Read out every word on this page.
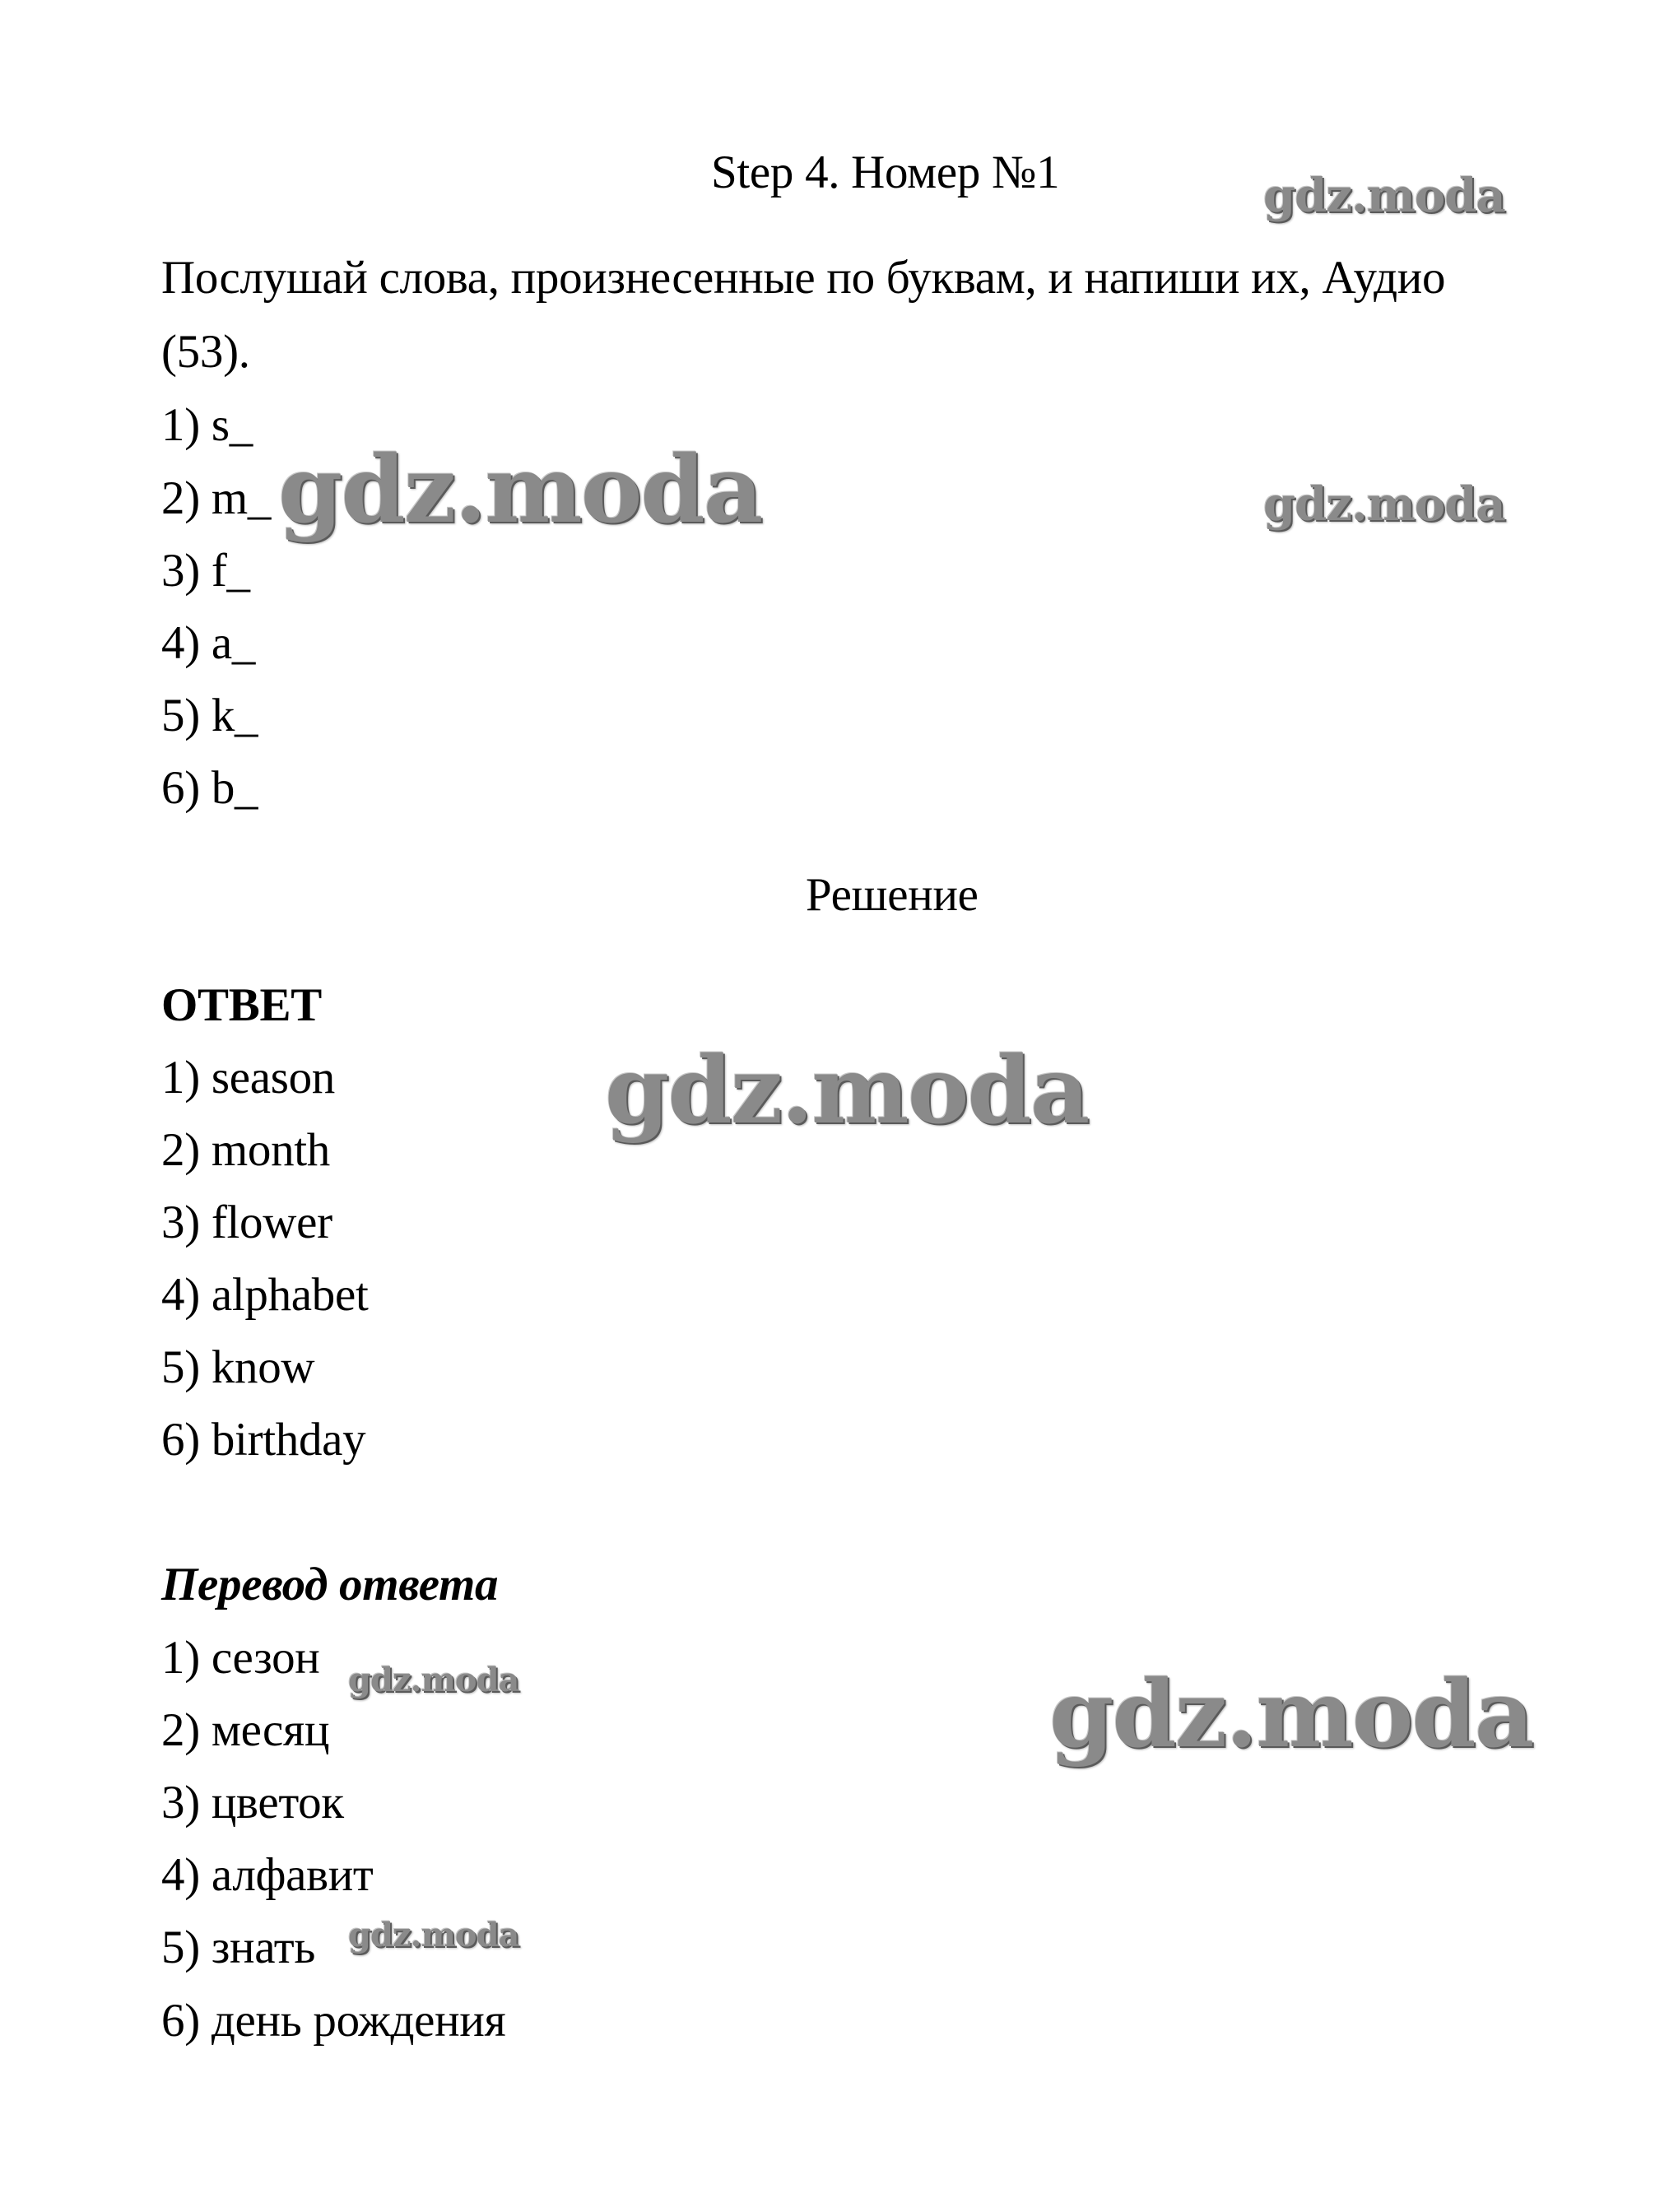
Step 4. Номер №1
Послушай слова, произнесенные по буквам, и напиши их, Аудио
(53).
1) s_
2) m_
3) f_
4) a_
5) k_
6) b_
Решение
ОТВЕТ
1) season
2) month
3) flower
4) alphabet
5) know
6) birthday
Перевод ответа
1) сезон
2) месяц
3) цветок
4) алфавит
5) знать
6) день рождения
gdz.moda
gdz.moda	gdz.moda
gdz.moda
gdz.moda	gdz.moda
gdz.moda
